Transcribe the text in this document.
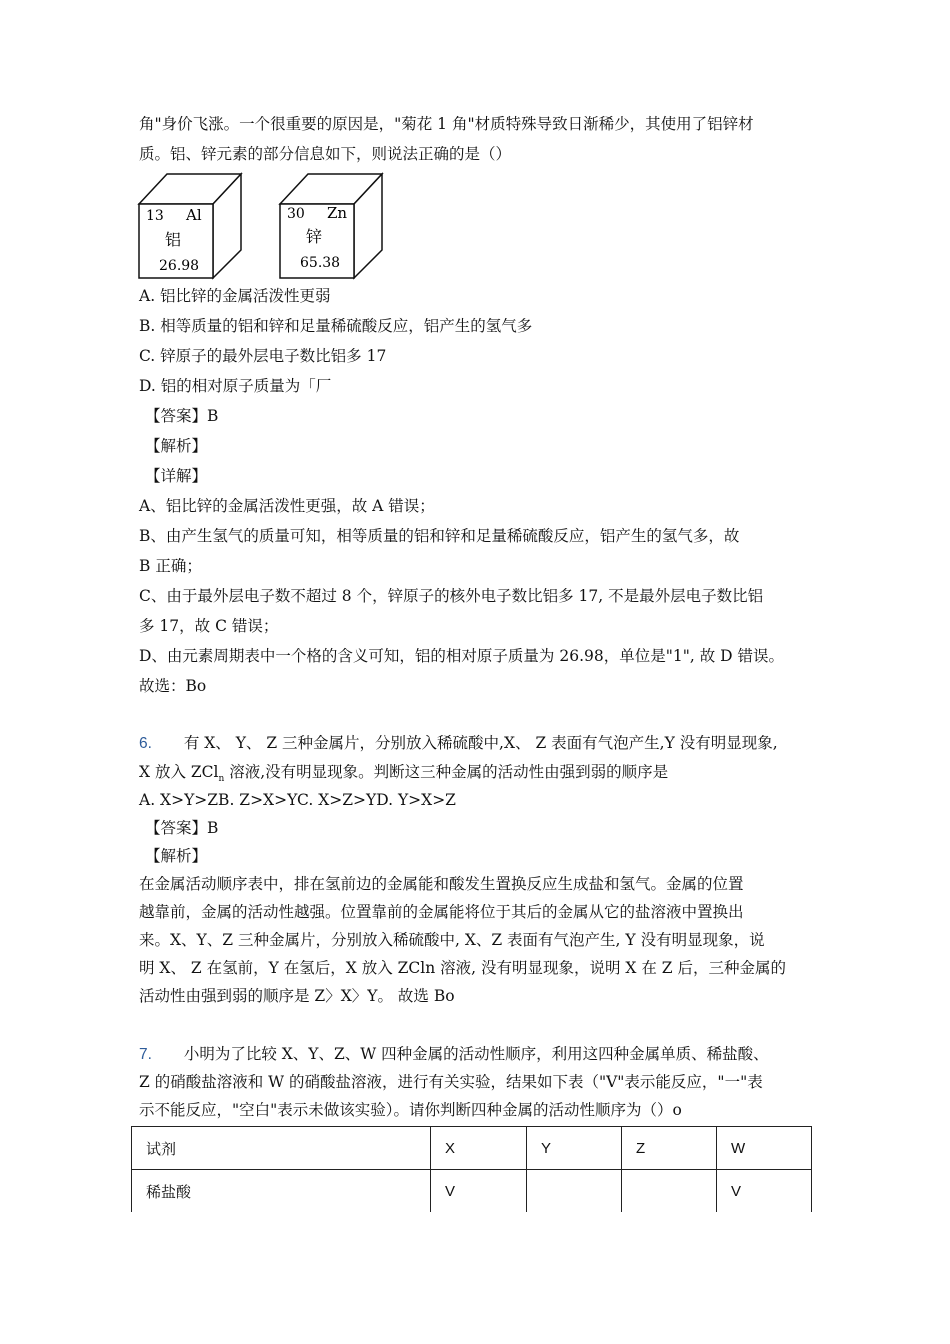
角"身价飞涨。一个很重要的原因是，"菊花 1 角"材质特殊导致日渐稀少，其使用了铝锌材
质。铝、锌元素的部分信息如下，则说法正确的是（）
13 Al
铝
26.98
30 Zn
锌
65.38
A. 铝比锌的金属活泼性更弱
B. 相等质量的铝和锌和足量稀硫酸反应，铝产生的氢气多
C. 锌原子的最外层电子数比铝多 17
D. 铝的相对原子质量为「厂
【答案】B
【解析】
【详解】
A、铝比锌的金属活泼性更强，故 A 错误；
B、由产生氢气的质量可知，相等质量的铝和锌和足量稀硫酸反应，铝产生的氢气多，故
B 正确；
C、由于最外层电子数不超过 8 个，锌原子的核外电子数比铝多 17, 不是最外层电子数比铝
多 17，故 C 错误；
D、由元素周期表中一个格的含义可知，铝的相对原子质量为 26.98，单位是"1", 故 D 错误。
故选：Bo
6. 有 X、 Y、 Z 三种金属片，分别放入稀硫酸中,X、 Z 表面有气泡产生,Y 没有明显现象,
X 放入 ZCl$_n$ 溶液,没有明显现象。判断这三种金属的活动性由强到弱的顺序是
A. X>Y>ZB. Z>X>YC. X>Z>YD. Y>X>Z
【答案】B
【解析】
在金属活动顺序表中，排在氢前边的金属能和酸发生置换反应生成盐和氢气。金属的位置
越靠前，金属的活动性越强。位置靠前的金属能将位于其后的金属从它的盐溶液中置换出
来。X、Y、Z 三种金属片，分别放入稀硫酸中, X、Z 表面有气泡产生, Y 没有明显现象，说
明 X、 Z 在氢前，Y 在氢后，X 放入 ZCln 溶液, 没有明显现象，说明 X 在 Z 后，三种金属的
活动性由强到弱的顺序是 Z〉X〉Y。 故选 Bo
7. 小明为了比较 X、Y、Z、W 四种金属的活动性顺序，利用这四种金属单质、稀盐酸、
Z 的硝酸盐溶液和 W 的硝酸盐溶液，进行有关实验，结果如下表（"V"表示能反应，"一"表
示不能反应，"空白"表示未做该实验）。请你判断四种金属的活动性顺序为（）o
试剂	X	Y	Z	W
稀盐酸	V			V
